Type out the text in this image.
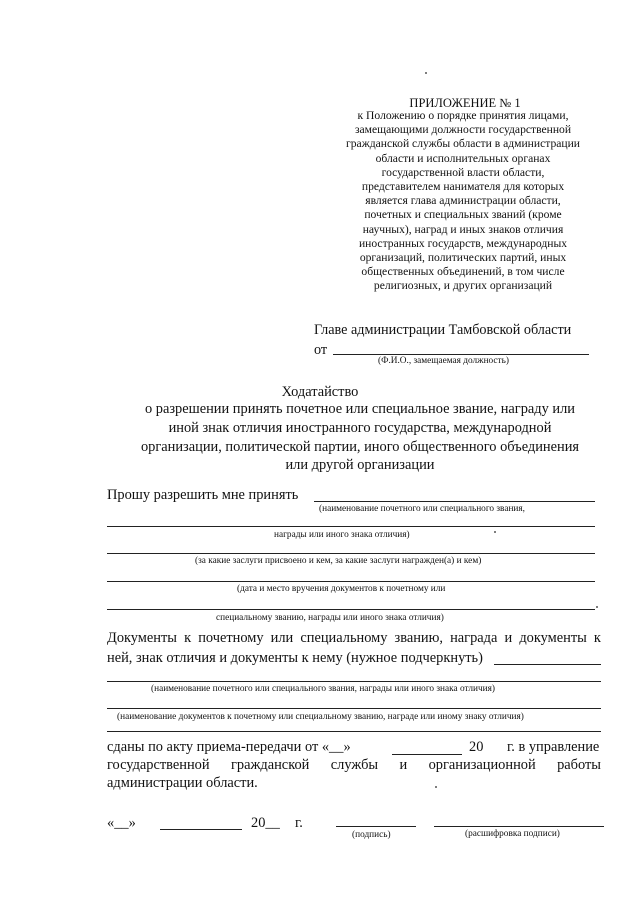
ПРИЛОЖЕНИЕ № 1
к Положению о порядке принятия лицами,
замещающими должности государственной
гражданской службы области в администрации
области и исполнительных органах
государственной власти области,
представителем нанимателя для которых
является глава администрации области,
почетных и специальных званий (кроме
научных), наград и иных знаков отличия
иностранных государств, международных
организаций, политических партий, иных
общественных объединений, в том числе
религиозных, и других организаций
Главе администрации Тамбовской области
от
(Ф.И.О., замещаемая должность)
Ходатайство
о разрешении принять почетное или специальное звание, награду или
иной знак отличия иностранного государства, международной
организации, политической партии, иного общественного объединения
или другой организации
Прошу разрешить мне принять
(наименование почетного или специального звания,
награды или иного знака отличия)
(за какие заслуги присвоено и кем, за какие заслуги награжден(а) и кем)
(дата и место вручения документов к почетному или
специальному званию, награды или иного знака отличия)
Документы к почетному или специальному званию, награда и документы к
ней, знак отличия и документы к нему (нужное подчеркнуть)
(наименование почетного или специального звания, награды или иного знака отличия)
(наименование документов к почетному или специальному званию, награде или иному знаку отличия)
сданы по акту приема-передачи от «__»	20 г. в управление
государственной гражданской службы и организационной работы
администрации области.
«__»	20__ г.
(подпись)	(расшифровка подписи)
